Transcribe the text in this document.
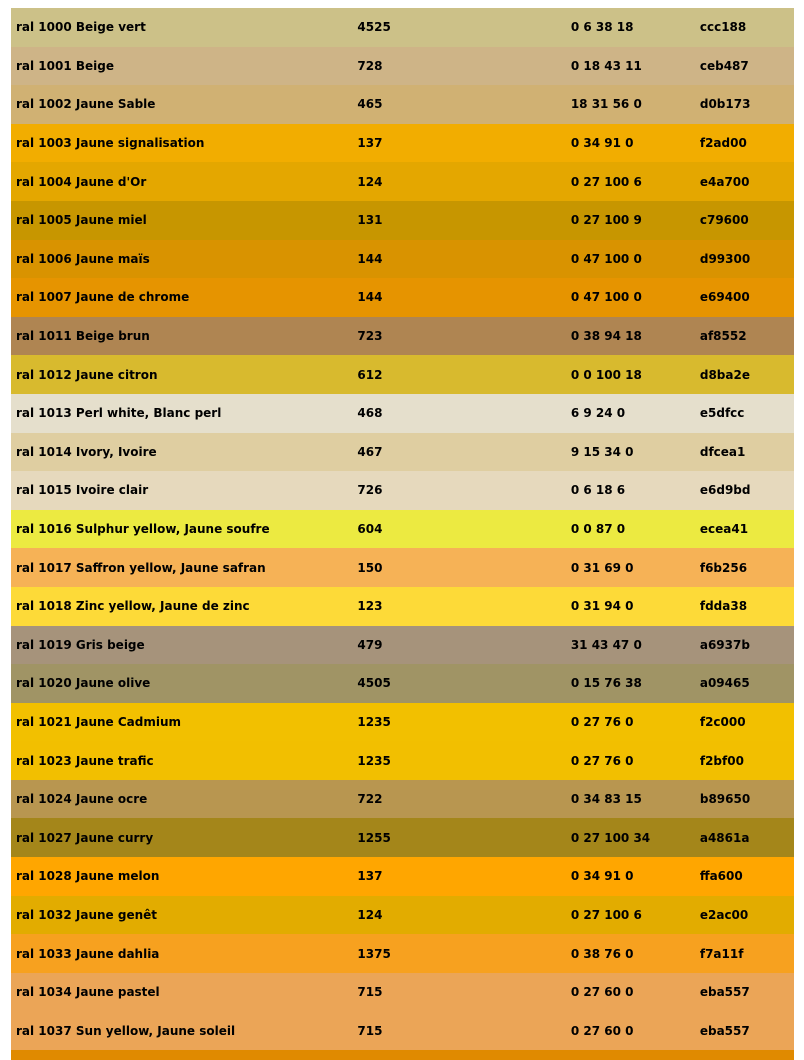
ral 1000 Beige vert	4525	0 6 38 18	ccc188
ral 1001 Beige	728	0 18 43 11	ceb487
ral 1002 Jaune Sable	465	18 31 56 0	d0b173
ral 1003 Jaune signalisation	137	0 34 91 0	f2ad00
ral 1004 Jaune d'Or	124	0 27 100 6	e4a700
ral 1005 Jaune miel	131	0 27 100 9	c79600
ral 1006 Jaune maïs	144	0 47 100 0	d99300
ral 1007 Jaune de chrome	144	0 47 100 0	e69400
ral 1011 Beige brun	723	0 38 94 18	af8552
ral 1012 Jaune citron	612	0 0 100 18	d8ba2e
ral 1013 Perl white, Blanc perl	468	6 9 24 0	e5dfcc
ral 1014 Ivory, Ivoire	467	9 15 34 0	dfcea1
ral 1015 Ivoire clair	726	0 6 18 6	e6d9bd
ral 1016 Sulphur yellow, Jaune soufre	604	0 0 87 0	ecea41
ral 1017 Saffron yellow, Jaune safran	150	0 31 69 0	f6b256
ral 1018 Zinc yellow, Jaune de zinc	123	0 31 94 0	fdda38
ral 1019 Gris beige	479	31 43 47 0	a6937b
ral 1020 Jaune olive	4505	0 15 76 38	a09465
ral 1021 Jaune Cadmium	1235	0 27 76 0	f2c000
ral 1023 Jaune trafic	1235	0 27 76 0	f2bf00
ral 1024 Jaune ocre	722	0 34 83 15	b89650
ral 1027 Jaune curry	1255	0 27 100 34	a4861a
ral 1028 Jaune melon	137	0 34 91 0	ffa600
ral 1032 Jaune genêt	124	0 27 100 6	e2ac00
ral 1033 Jaune dahlia	1375	0 38 76 0	f7a11f
ral 1034 Jaune pastel	715	0 27 60 0	eba557
ral 1037 Sun yellow, Jaune soleil	715	0 27 60 0	eba557
